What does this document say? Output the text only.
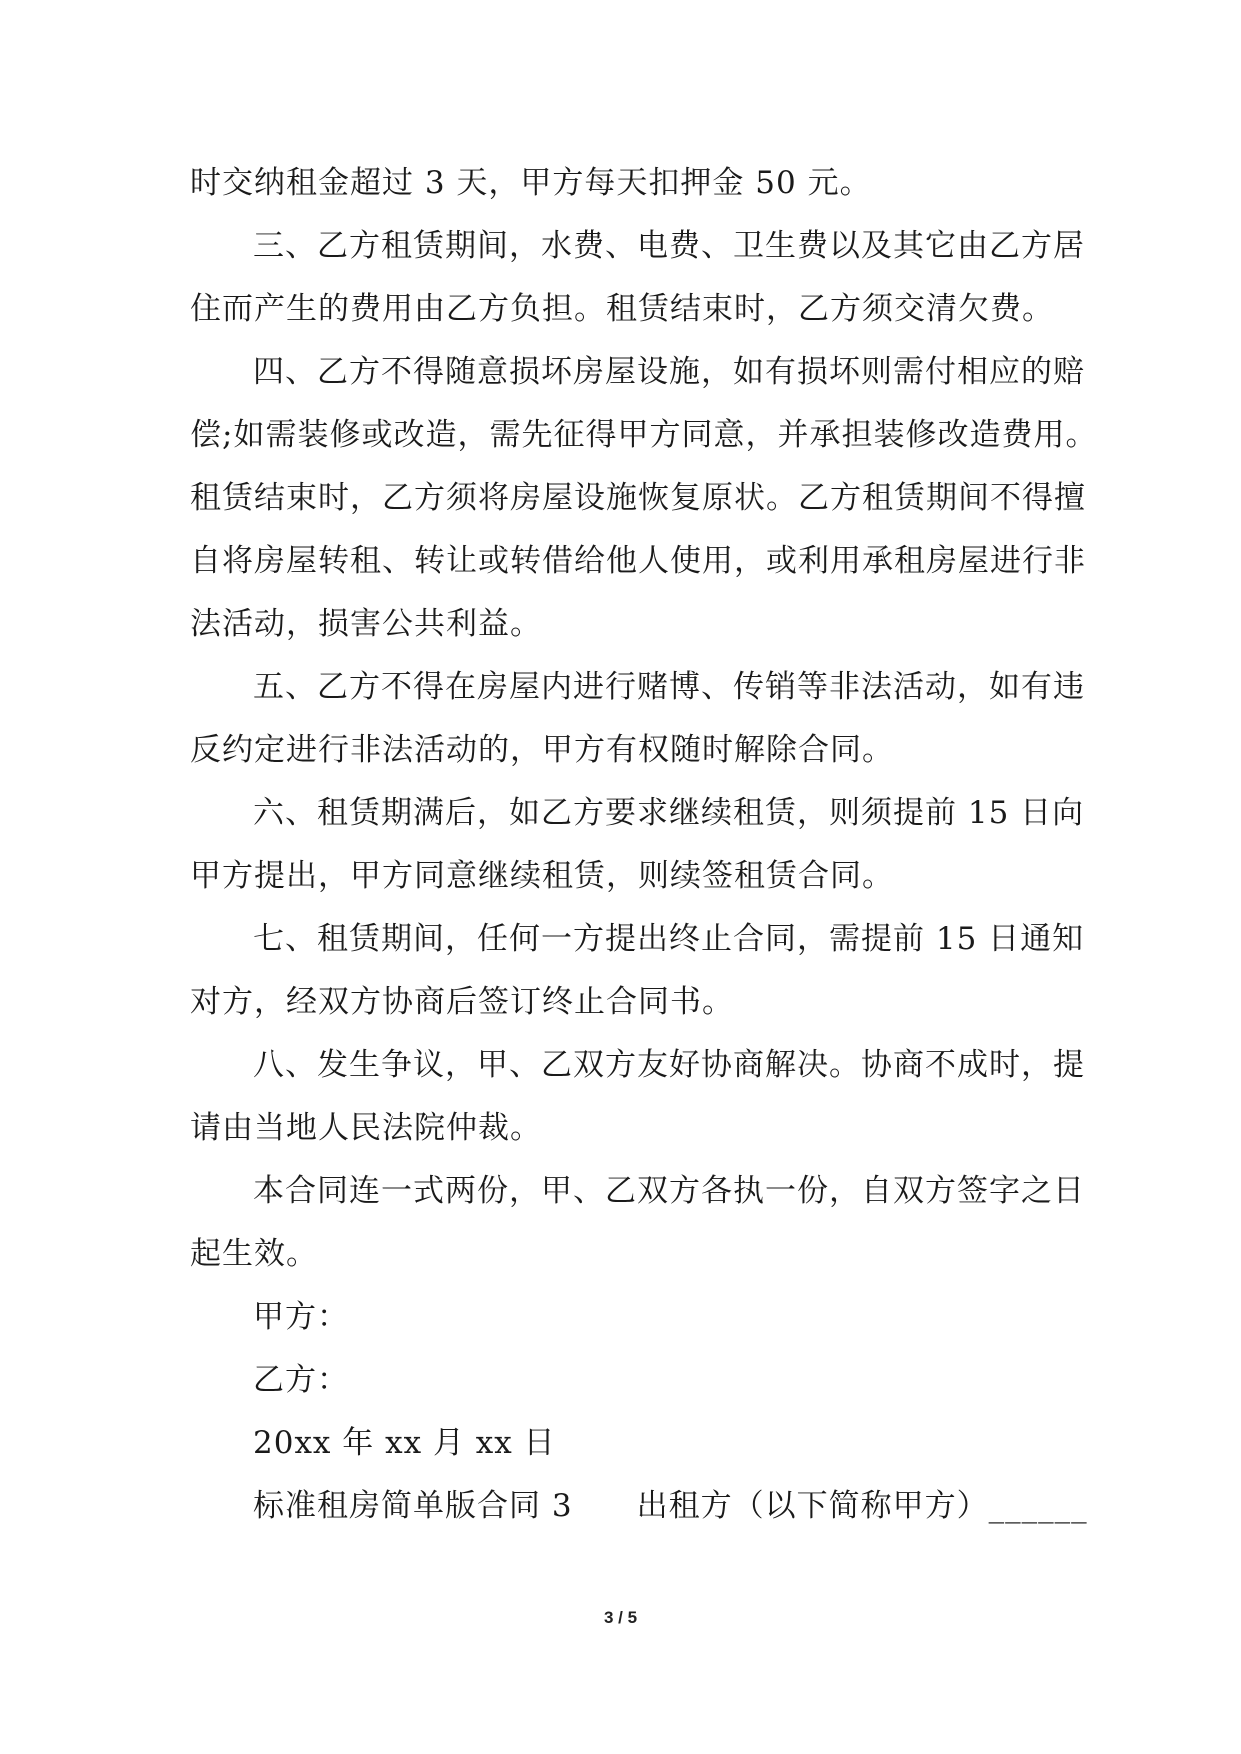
时交纳租金超过 3 天，甲方每天扣押金 50 元。
三、乙方租赁期间，水费、电费、卫生费以及其它由乙方居
住而产生的费用由乙方负担。租赁结束时，乙方须交清欠费。
四、乙方不得随意损坏房屋设施，如有损坏则需付相应的赔
偿;如需装修或改造，需先征得甲方同意，并承担装修改造费用。
租赁结束时，乙方须将房屋设施恢复原状。乙方租赁期间不得擅
自将房屋转租、转让或转借给他人使用，或利用承租房屋进行非
法活动，损害公共利益。
五、乙方不得在房屋内进行赌博、传销等非法活动，如有违
反约定进行非法活动的，甲方有权随时解除合同。
六、租赁期满后，如乙方要求继续租赁，则须提前 15 日向
甲方提出，甲方同意继续租赁，则续签租赁合同。
七、租赁期间，任何一方提出终止合同，需提前 15 日通知
对方，经双方协商后签订终止合同书。
八、发生争议，甲、乙双方友好协商解决。协商不成时，提
请由当地人民法院仲裁。
本合同连一式两份，甲、乙双方各执一份，自双方签字之日
起生效。
甲方：
乙方：
20xx 年 xx 月 xx 日
标准租房简单版合同 3　　出租方（以下简称甲方）______
3 / 5
